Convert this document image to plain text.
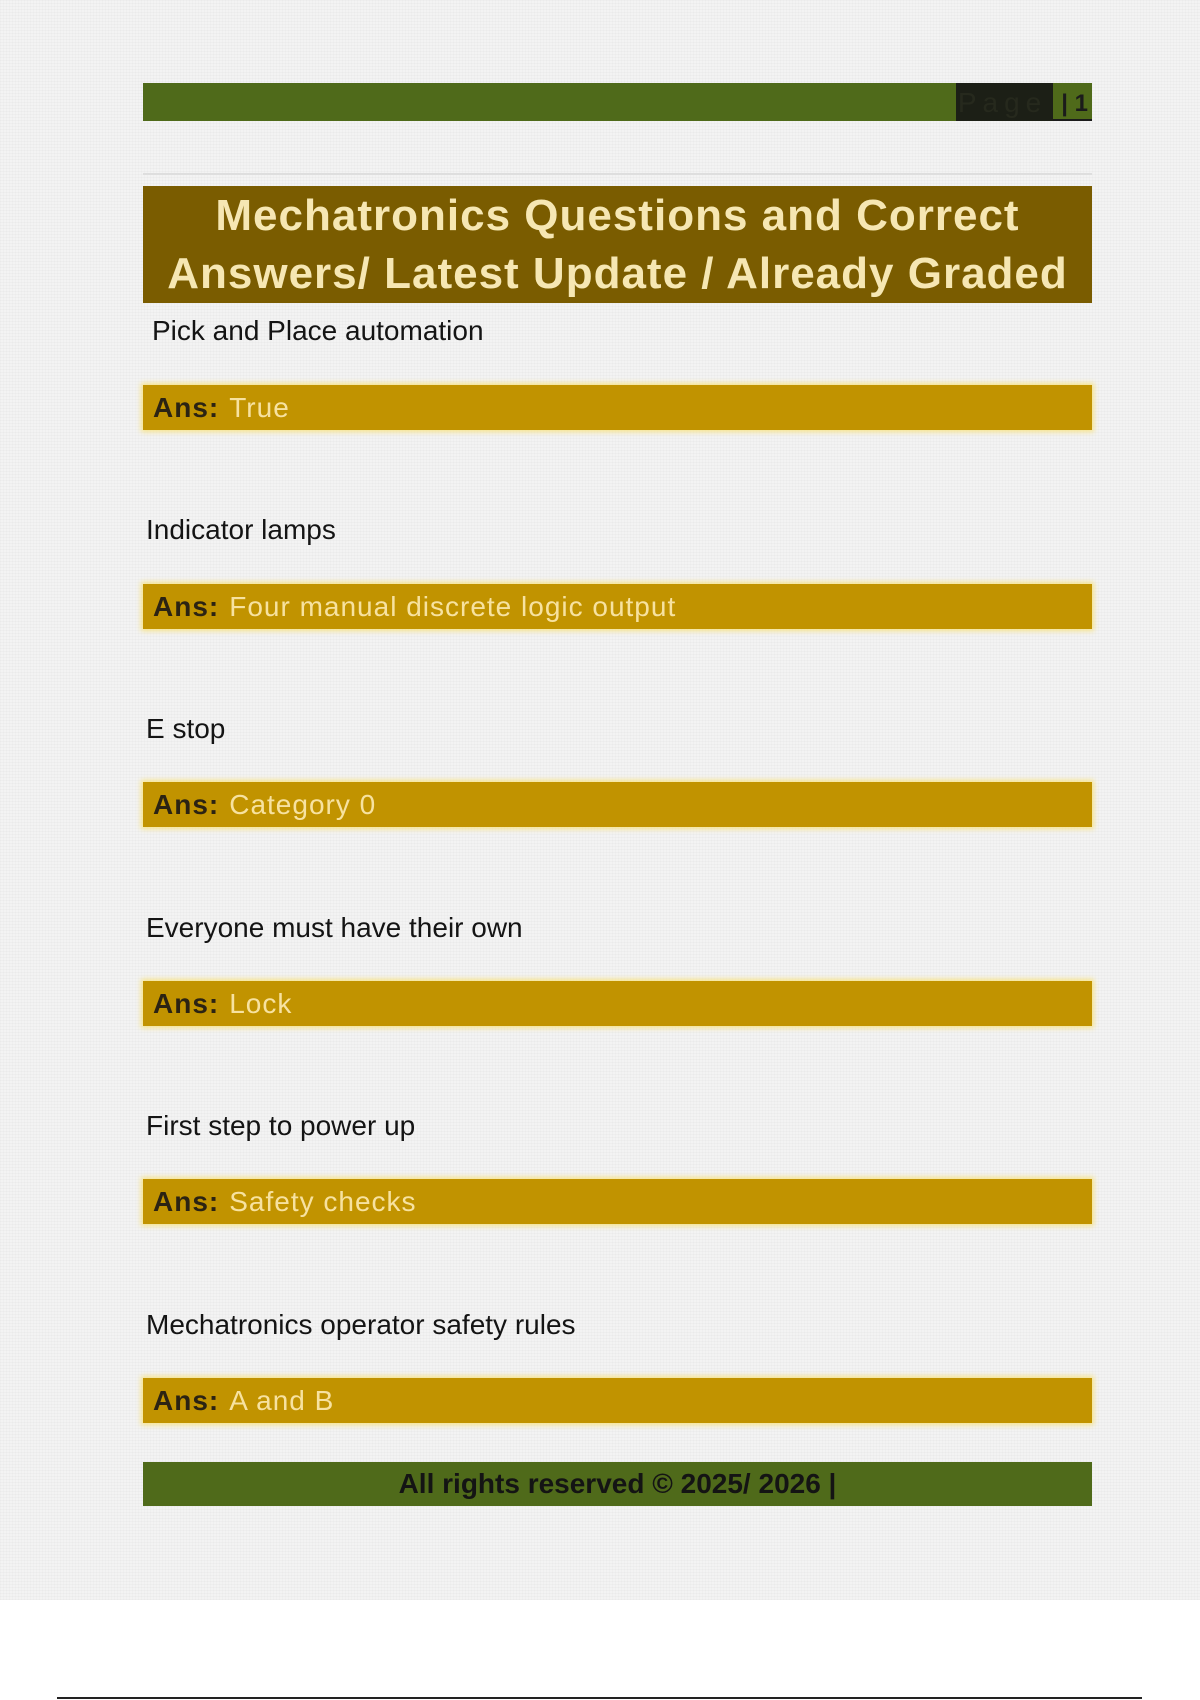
Page | 1
Mechatronics Questions and Correct
Answers/ Latest Update / Already Graded
Pick and Place automation
Ans: True
Indicator lamps
Ans: Four manual discrete logic output
E stop
Ans: Category 0
Everyone must have their own
Ans: Lock
First step to power up
Ans: Safety checks
Mechatronics operator safety rules
Ans: A and B
All rights reserved © 2025/ 2026 |
